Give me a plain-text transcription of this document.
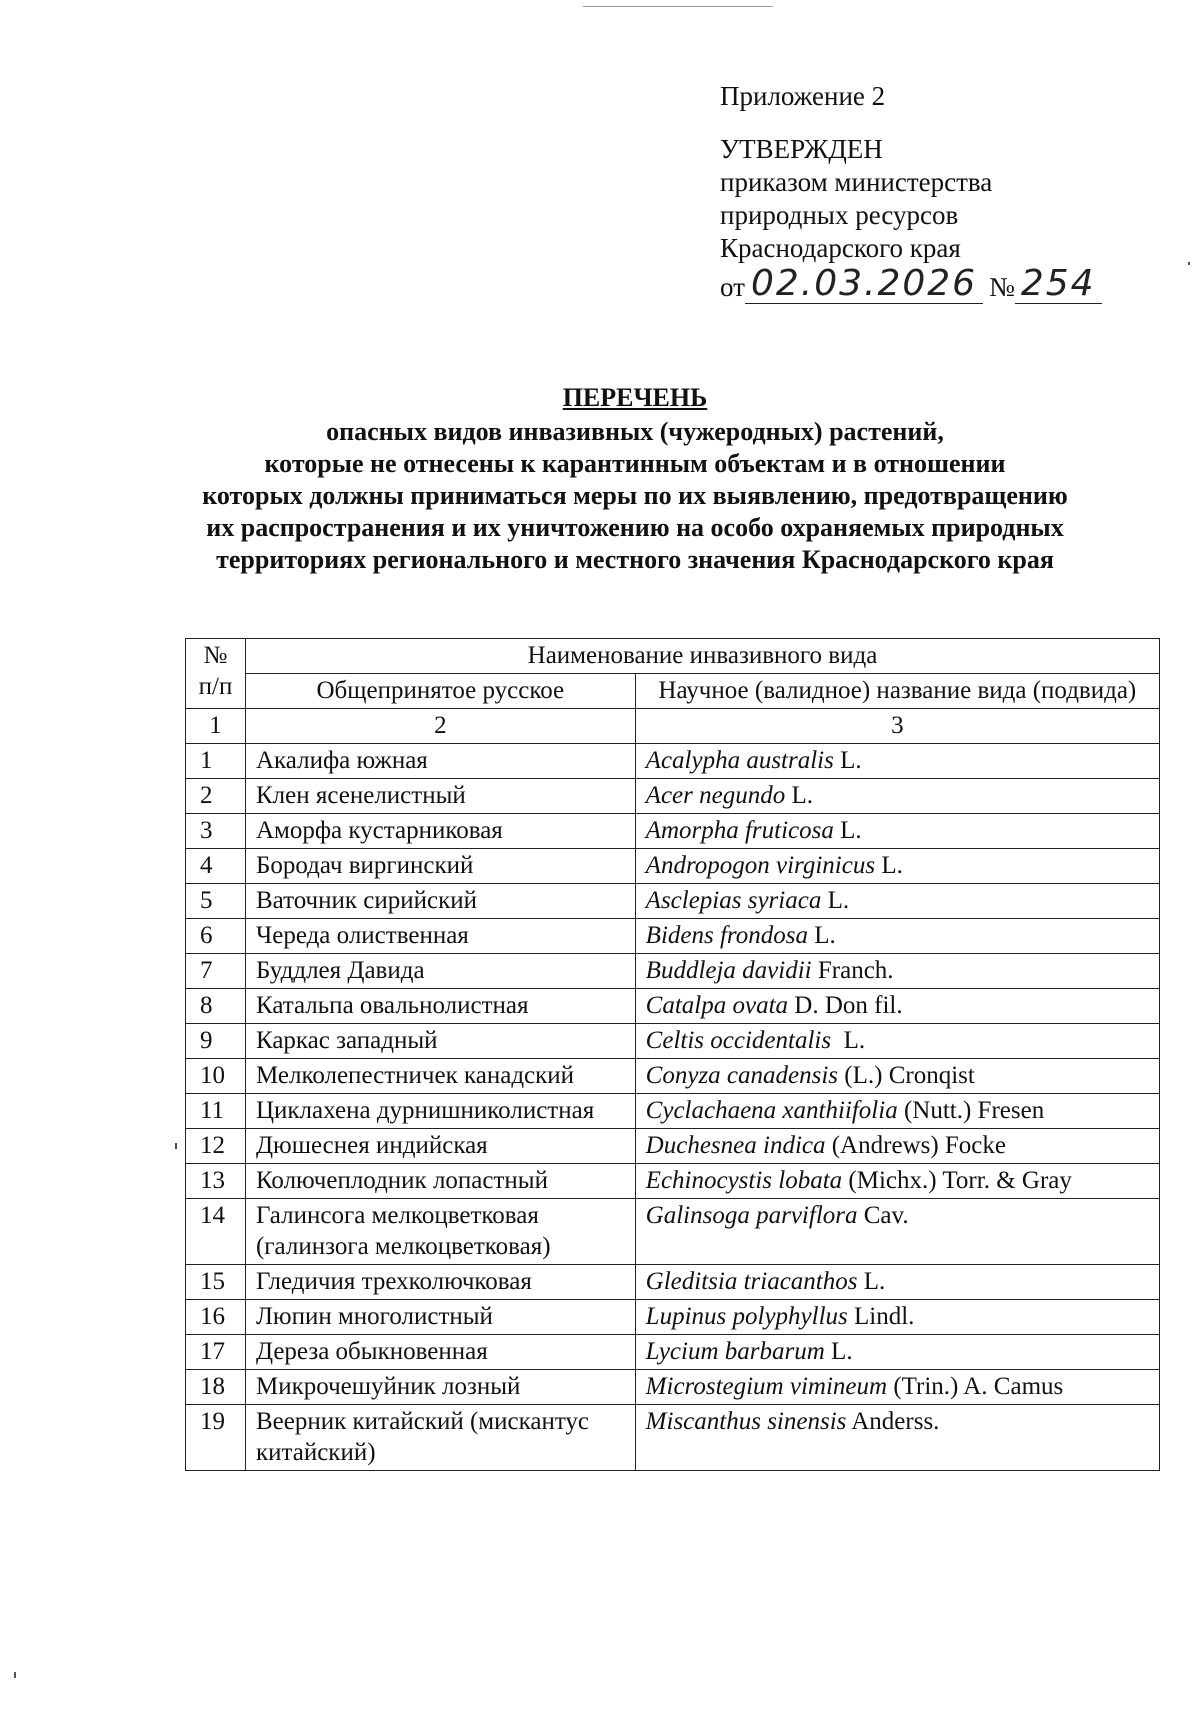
Приложение 2
УТВЕРЖДЕН
приказом министерства
природных ресурсов
Краснодарского края
от 02.03.2026 № 254
ПЕРЕЧЕНЬ
опасных видов инвазивных (чужеродных) растений,
которые не отнесены к карантинным объектам и в отношении
которых должны приниматься меры по их выявлению, предотвращению
их распространения и их уничтожению на особо охраняемых природных
территориях регионального и местного значения Краснодарского края
№ п/п	Наименование инвазивного вида	
	Общепринятое русское	Научное (валидное) название вида (подвида)
1	2	3
1	Акалифа южная	Acalypha australis L.
2	Клен ясенелистный	Acer negundo L.
3	Аморфа кустарниковая	Amorpha fruticosa L.
4	Бородач виргинский	Andropogon virginicus L.
5	Ваточник сирийский	Asclepias syriaca L.
6	Череда олиственная	Bidens frondosa L.
7	Буддлея Давида	Buddleja davidii Franch.
8	Катальпа овальнолистная	Catalpa ovata D. Don fil.
9	Каркас западный	Celtis occidentalis  L.
10	Мелколепестничек канадский	Conyza canadensis (L.) Cronqist
11	Циклахена дурнишниколистная	Cyclachaena xanthiifolia (Nutt.) Fresen
12	Дюшеснея индийская	Duchesnea indica (Andrews) Focke
13	Колючеплодник лопастный	Echinocystis lobata (Michx.) Torr. & Gray
14	Галинсога мелкоцветковая (галинзога мелкоцветковая)	Galinsoga parviflora Cav.
15	Гледичия трехколючковая	Gleditsia triacanthos L.
16	Люпин многолистный	Lupinus polyphyllus Lindl.
17	Дереза обыкновенная	Lycium barbarum L.
18	Микрочешуйник лозный	Microstegium vimineum (Trin.) A. Camus
19	Веерник китайский (мискантус китайский)	Miscanthus sinensis Anderss.
